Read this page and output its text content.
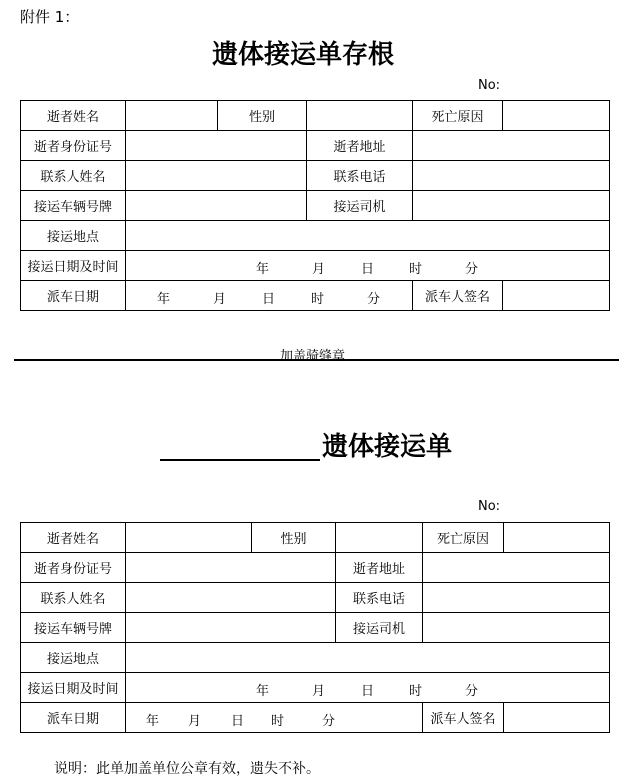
附件 1：
遗体接运单存根
No:
逝者姓名		性别		死亡原因	
逝者身份证号			逝者地址		
联系人姓名			联系电话		
接运车辆号牌			接运司机		
接运地点					
接运日期及时间	年 月 日 时 分				

派车日期	年 月 日 时 分			派车人签名	
加盖骑缝章
遗体接运单
No:
逝者姓名		性别		死亡原因	
逝者身份证号			逝者地址		
联系人姓名			联系电话		
接运车辆号牌			接运司机		
接运地点					
接运日期及时间	年 月 日 时 分				

派车日期	年 月 日 时 分			派车人签名	
说明：此单加盖单位公章有效，遗失不补。
